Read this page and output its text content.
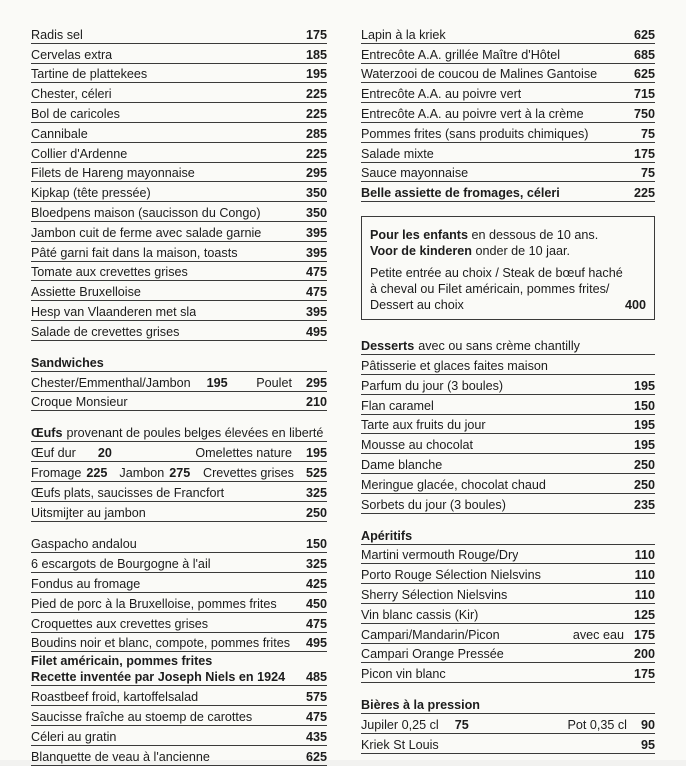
Radis sel	175
Cervelas extra	185
Tartine de plattekees	195
Chester, céleri	225
Bol de caricoles	225
Cannibale	285
Collier d'Ardenne	225
Filets de Hareng mayonnaise	295
Kipkap (tête pressée)	350
Bloedpens maison (saucisson du Congo)	350
Jambon cuit de ferme avec salade garnie	395
Pâté garni fait dans la maison, toasts	395
Tomate aux crevettes grises	475
Assiette Bruxelloise	475
Hesp van Vlaanderen met sla	395
Salade de crevettes grises	495
Sandwiches
Chester/Emmenthal/Jambon 195 Poulet 295
Croque Monsieur	210
Œufs provenant de poules belges élevées en liberté
Œuf dur 20	Omelettes nature 195
Fromage 225 Jambon 275 Crevettes grises 525
Œufs plats, saucisses de Francfort	325
Uitsmijter au jambon	250
Gaspacho andalou	150
6 escargots de Bourgogne à l'ail	325
Fondus au fromage	425
Pied de porc à la Bruxelloise, pommes frites 450
Croquettes aux crevettes grises	475
Boudins noir et blanc, compote, pommes frites 495
Filet américain, pommes frites
Recette inventée par Joseph Niels en 1924 485
Roastbeef froid, kartoffelsalad	575
Saucisse fraîche au stoemp de carottes	475
Céleri au gratin	435
Blanquette de veau à l'ancienne	625
Lapin à la kriek	625
Entrecôte A.A. grillée Maître d'Hôtel	685
Waterzooi de coucou de Malines Gantoise	625
Entrecôte A.A. au poivre vert	715
Entrecôte A.A. au poivre vert à la crème	750
Pommes frites (sans produits chimiques)	75
Salade mixte	175
Sauce mayonnaise	75
Belle assiette de fromages, céleri	225
Pour les enfants en dessous de 10 ans.
Voor de kinderen onder de 10 jaar.
Petite entrée au choix / Steak de bœuf haché
à cheval ou Filet américain, pommes frites/
Dessert au choix	400
Desserts avec ou sans crème chantilly
Pâtisserie et glaces faites maison
Parfum du jour (3 boules)	195
Flan caramel	150
Tarte aux fruits du jour	195
Mousse au chocolat	195
Dame blanche	250
Meringue glacée, chocolat chaud	250
Sorbets du jour (3 boules)	235
Apéritifs
Martini vermouth Rouge/Dry	110
Porto Rouge Sélection Nielsvins	110
Sherry Sélection Nielsvins	110
Vin blanc cassis (Kir)	125
Campari/Mandarin/Picon	avec eau 175
Campari Orange Pressée	200
Picon vin blanc	175
Bières à la pression
Jupiler 0,25 cl 75	Pot 0,35 cl 90
Kriek St Louis	95
